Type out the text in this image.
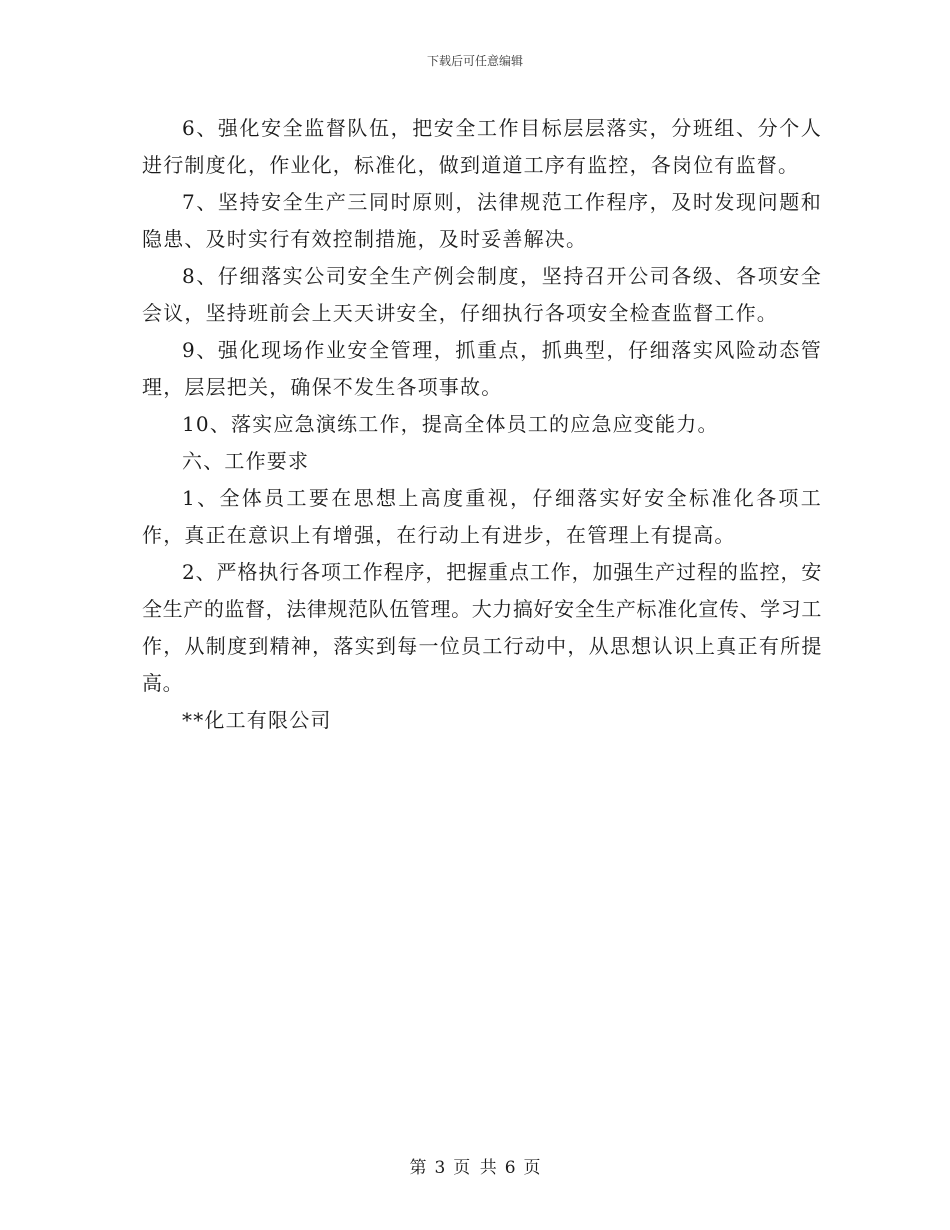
下载后可任意编辑

6、强化安全监督队伍，把安全工作目标层层落实，分班组、分个人进行制度化，作业化，标准化，做到道道工序有监控，各岗位有监督。

7、坚持安全生产三同时原则，法律规范工作程序，及时发现问题和隐患、及时实行有效控制措施，及时妥善解决。

8、仔细落实公司安全生产例会制度，坚持召开公司各级、各项安全会议，坚持班前会上天天讲安全，仔细执行各项安全检查监督工作。

9、强化现场作业安全管理，抓重点，抓典型，仔细落实风险动态管理，层层把关，确保不发生各项事故。

10、落实应急演练工作，提高全体员工的应急应变能力。

六、工作要求

1、全体员工要在思想上高度重视，仔细落实好安全标准化各项工作，真正在意识上有增强，在行动上有进步，在管理上有提高。

2、严格执行各项工作程序，把握重点工作，加强生产过程的监控，安全生产的监督，法律规范队伍管理。大力搞好安全生产标准化宣传、学习工作，从制度到精神，落实到每一位员工行动中，从思想认识上真正有所提高。

**化工有限公司

第 3 页 共 6 页
